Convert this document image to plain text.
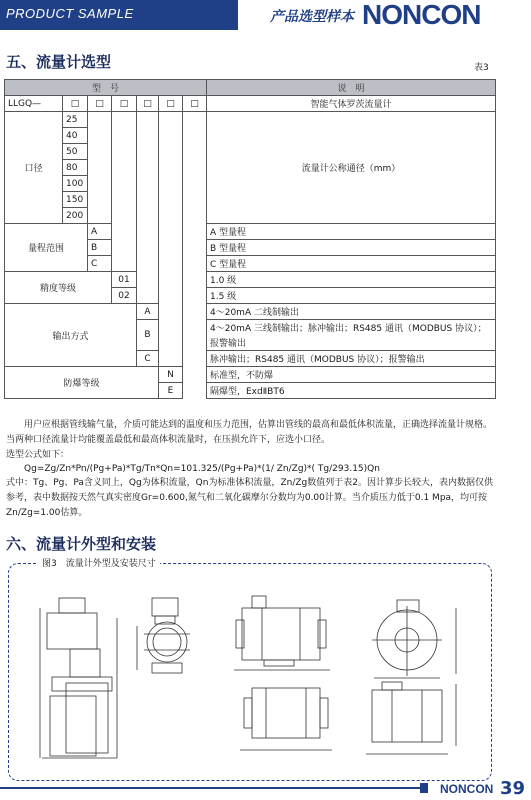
PRODUCT SAMPLE	产品选型样本 NONCON
五、流量计选型	表3
型　号							说　明
LLGQ—	□	□	□	□	□	□	智能气体罗茨流量计
口径	25						流量计公称通径（mm）
	40						
	50						
	80						
	100						
	150						
	200						
量程范围		A					A 型量程
		B					B 型量程
		C					C 型量程
精度等级			01				1.0 级
			02				1.5 级
输出方式				A			4～20mA 二线制输出
				B			4～20mA 三线制输出；脉冲输出；RS485 通讯（MODBUS 协议）；
							报警输出
				C			脉冲输出；RS485 通讯（MODBUS 协议）；报警输出
防爆等级					N		标准型，不防爆
					E		隔爆型，ExdⅡBT6
　　用户应根据管线输气量，介质可能达到的温度和压力范围，估算出管线的最高和最低体积流量，正确选择流量计规格。当两种口径流量计均能覆盖最低和最高体积流量时，在压损允许下，应选小口径。
选型公式如下：
　　Qg=Zg/Zn*Pn/(Pg+Pa)*Tg/Tn*Qn=101.325/(Pg+Pa)*(1/ Zn/Zg)*( Tg/293.15)Qn
式中：Tg、Pg、Pa含义同上，Qg为体积流量，Qn为标准体积流量，Zn/Zg数值列于表2。因计算步长较大，表内数据仅供参考，表中数据按天然气真实密度Gr=0.600,氮气和二氧化碳摩尔分数均为0.00计算。当介质压力低于0.1 Mpa，均可按Zn/Zg=1.00估算。
六、流量计外型和安装
图3　流量计外型及安装尺寸
NONCON 39
